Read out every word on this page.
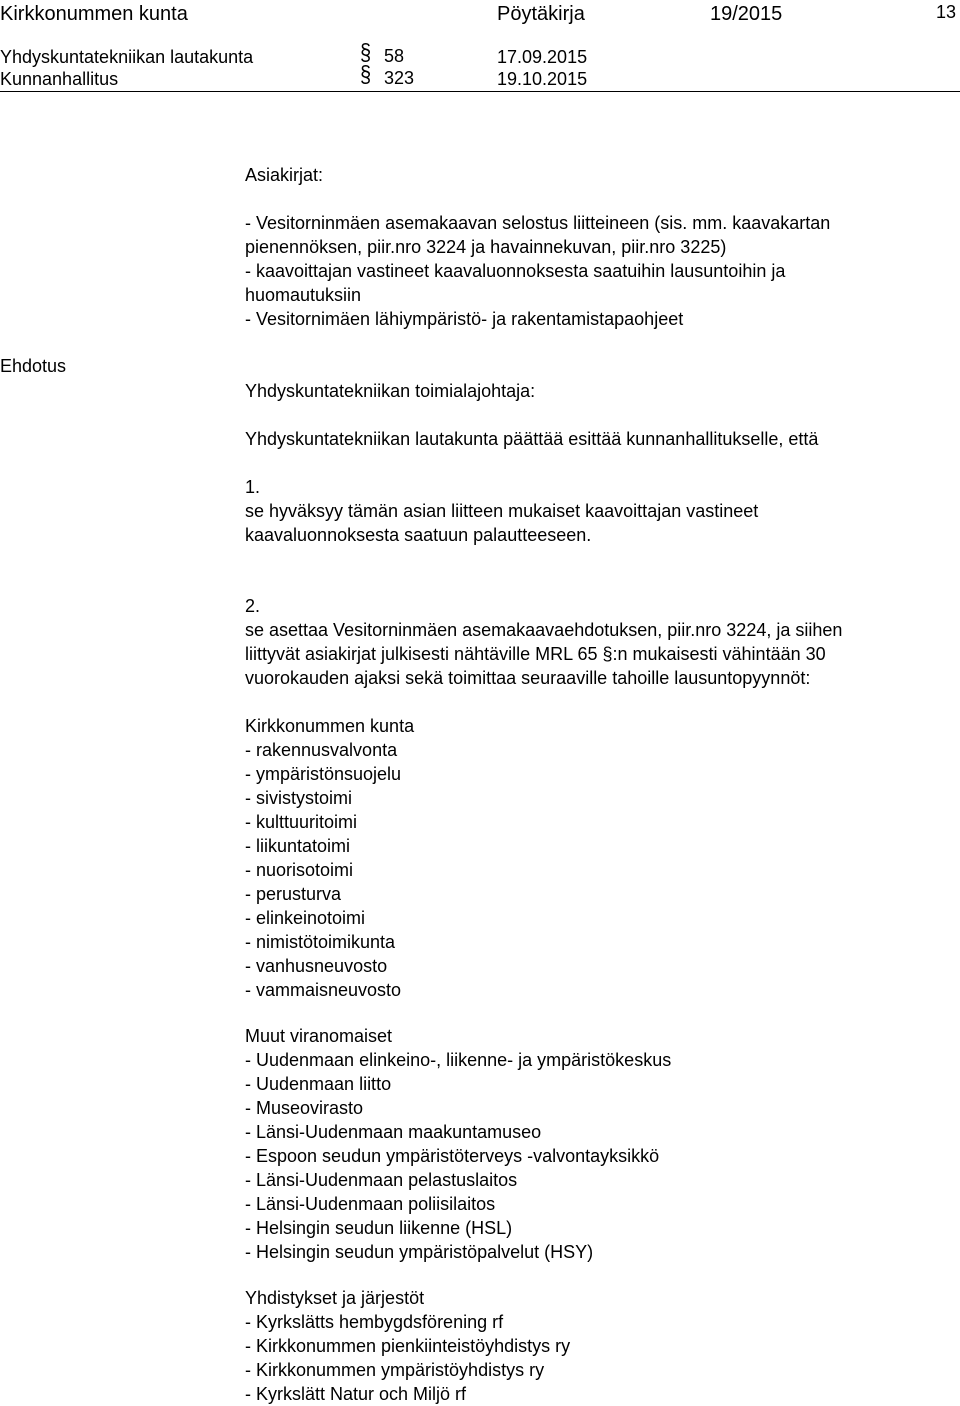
Kirkkonummen kunta	Pöytäkirja	19/2015	13
Yhdyskuntatekniikan lautakunta	§ 58	17.09.2015
Kunnanhallitus	§ 323	19.10.2015
Ehdotus
Asiakirjat:
- Vesitorninmäen asemakaavan selostus liitteineen (sis. mm. kaavakartan
pienennöksen, piir.nro 3224 ja havainnekuvan, piir.nro 3225)
- kaavoittajan vastineet kaavaluonnoksesta saatuihin lausuntoihin ja
huomautuksiin
- Vesitornimäen lähiympäristö- ja rakentamistapaohjeet
Yhdyskuntatekniikan toimialajohtaja:
Yhdyskuntatekniikan lautakunta päättää esittää kunnanhallitukselle, että
1.
se hyväksyy tämän asian liitteen mukaiset kaavoittajan vastineet
kaavaluonnoksesta saatuun palautteeseen.
2.
se asettaa Vesitorninmäen asemakaavaehdotuksen, piir.nro 3224, ja siihen
liittyvät asiakirjat julkisesti nähtäville MRL 65 §:n mukaisesti vähintään 30
vuorokauden ajaksi sekä toimittaa seuraaville tahoille lausuntopyynnöt:
Kirkkonummen kunta
- rakennusvalvonta
- ympäristönsuojelu
- sivistystoimi
- kulttuuritoimi
- liikuntatoimi
- nuorisotoimi
- perusturva
- elinkeinotoimi
- nimistötoimikunta
- vanhusneuvosto
- vammaisneuvosto
Muut viranomaiset
- Uudenmaan elinkeino-, liikenne- ja ympäristökeskus
- Uudenmaan liitto
- Museovirasto
- Länsi-Uudenmaan maakuntamuseo
- Espoon seudun ympäristöterveys -valvontayksikkö
- Länsi-Uudenmaan pelastuslaitos
- Länsi-Uudenmaan poliisilaitos
- Helsingin seudun liikenne (HSL)
- Helsingin seudun ympäristöpalvelut (HSY)
Yhdistykset ja järjestöt
- Kyrkslätts hembygdsförening rf
- Kirkkonummen pienkiinteistöyhdistys ry
- Kirkkonummen ympäristöyhdistys ry
- Kyrkslätt Natur och Miljö rf
